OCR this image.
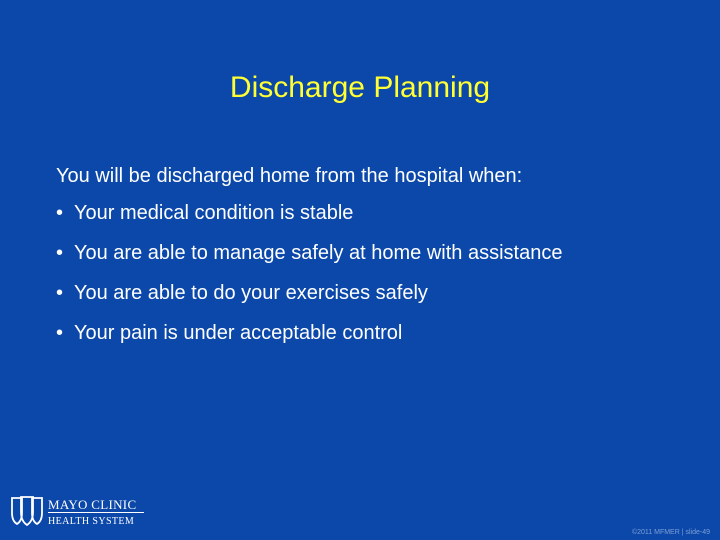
Discharge Planning
You will be discharged home from the hospital when:
• Your medical condition is stable
• You are able to manage safely at home with assistance
• You are able to do your exercises safely
• Your pain is under acceptable control
MAYO CLINIC
HEALTH SYSTEM
©2011 MFMER | slide-49
